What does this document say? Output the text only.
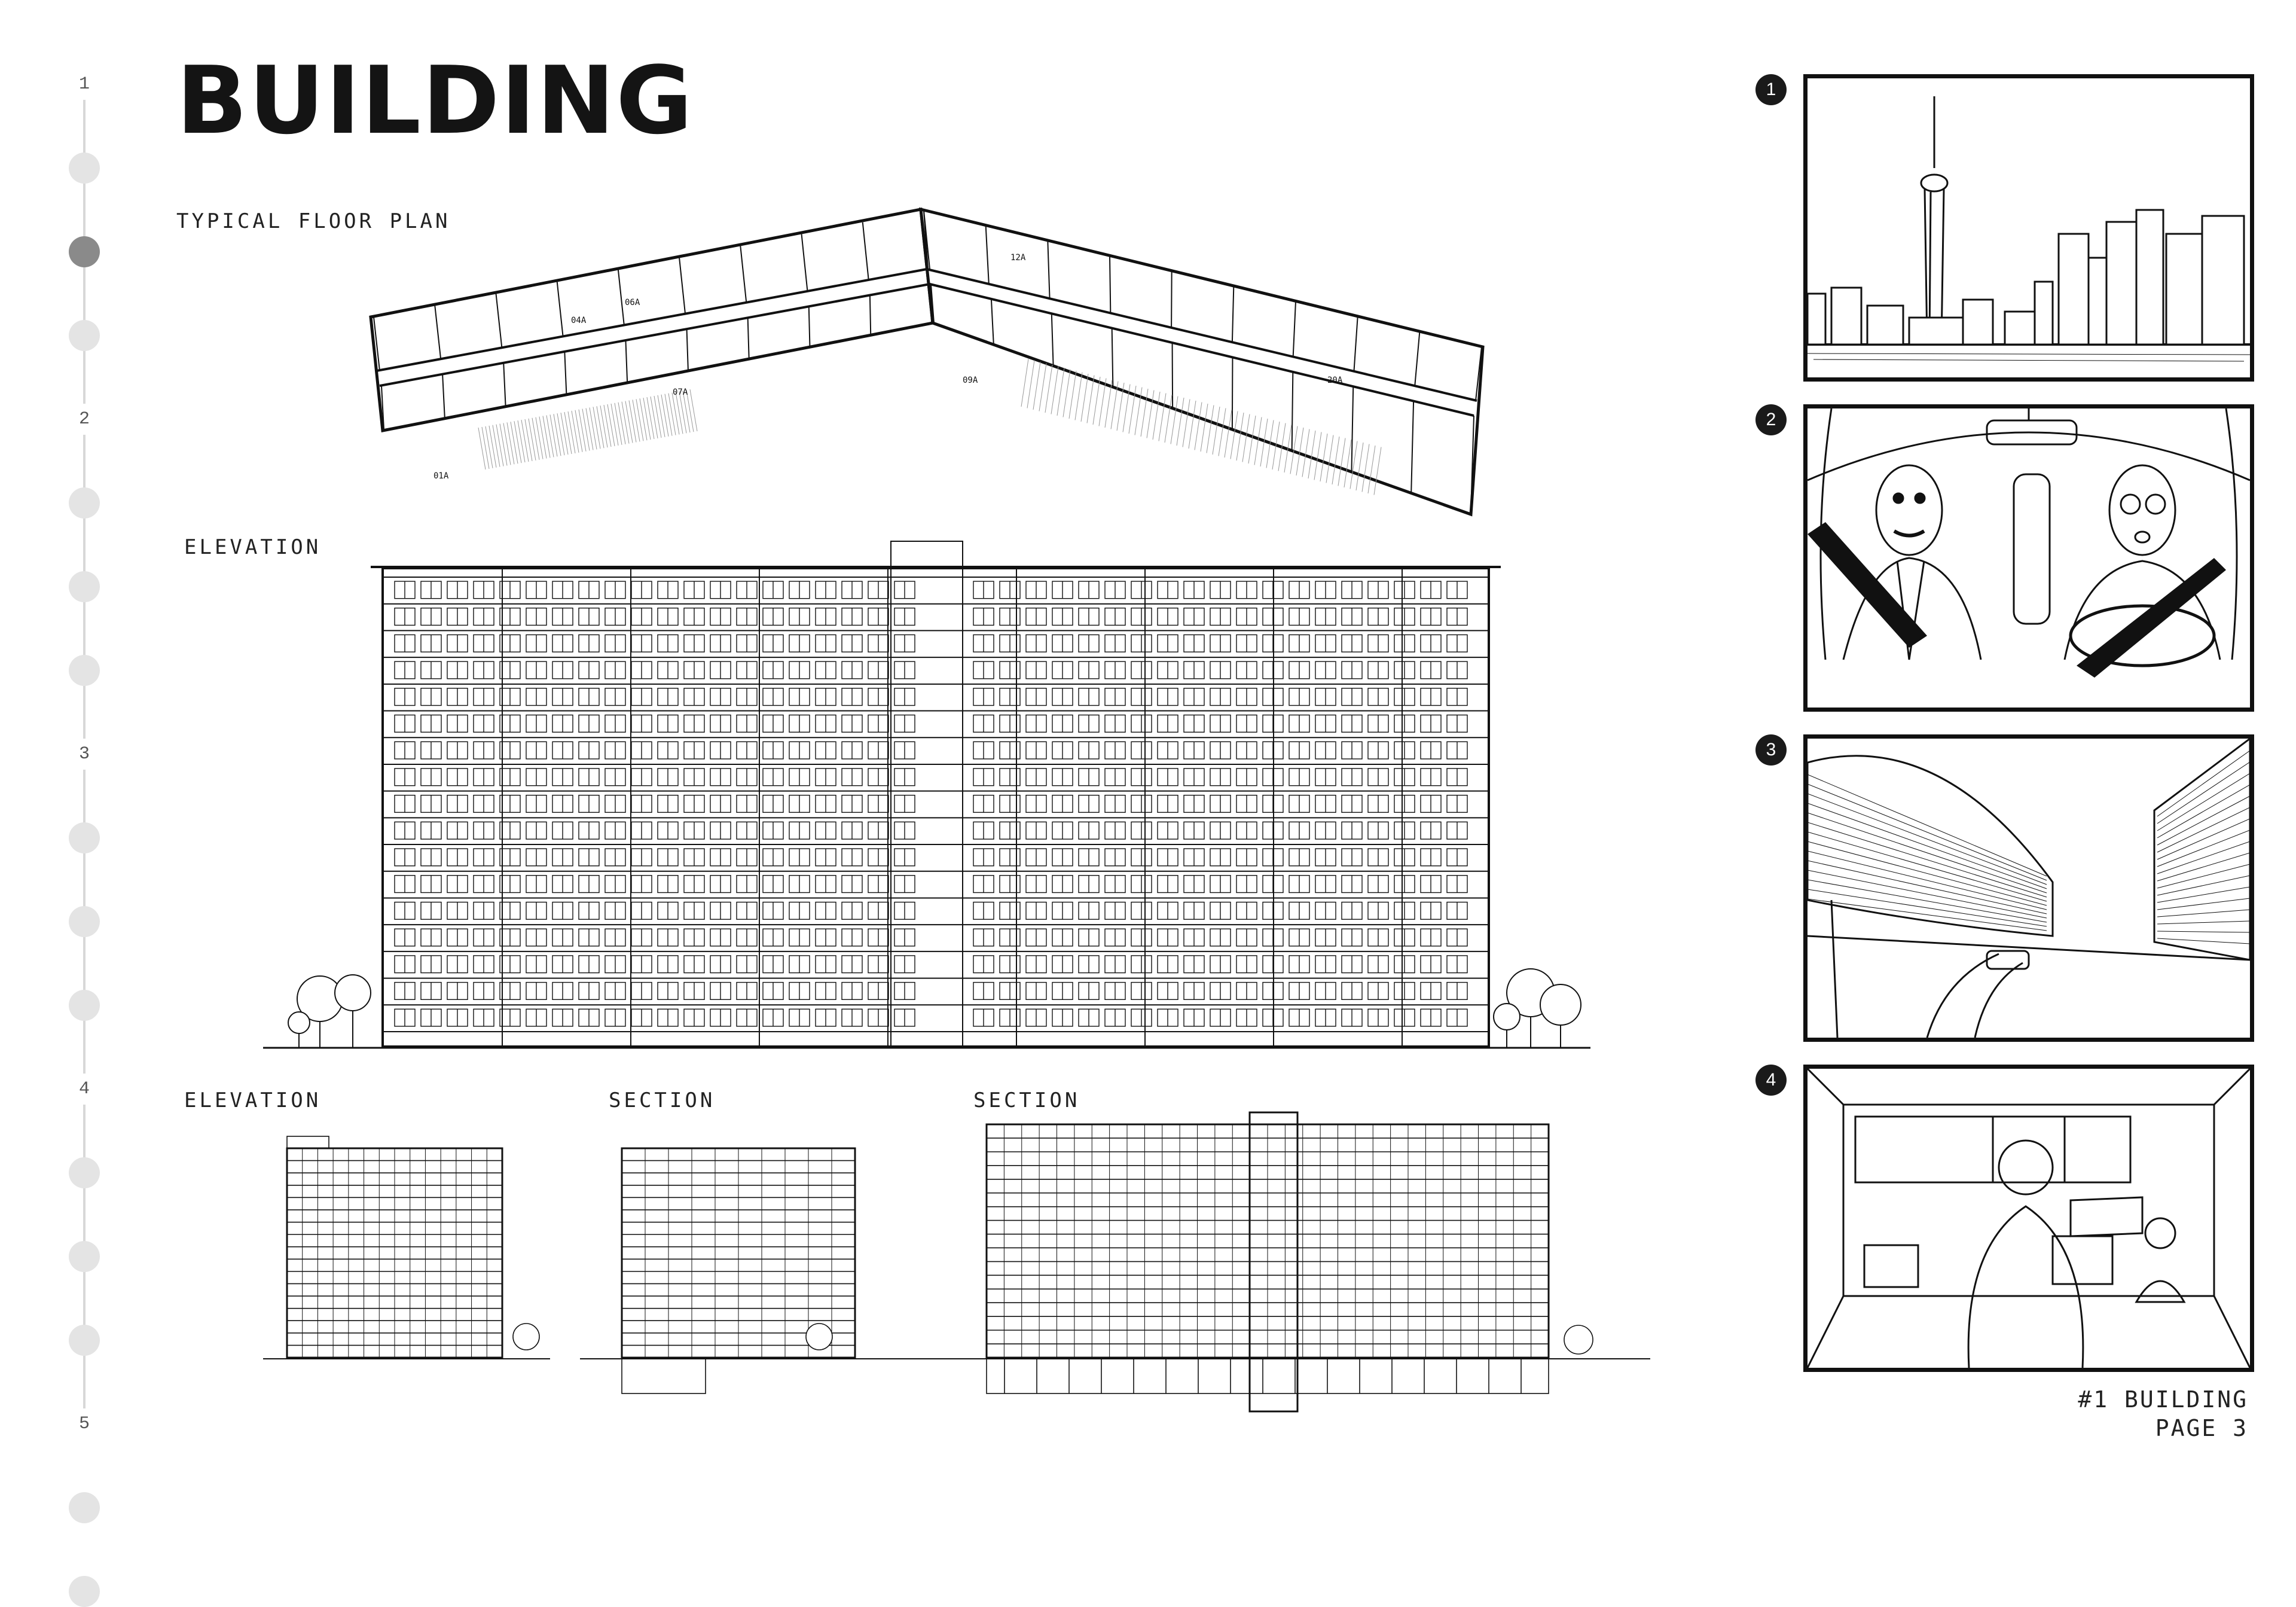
1
2
3
4
5
BUILDING
TYPICAL FLOOR PLAN
ELEVATION
ELEVATION	SECTION	SECTION
04A
06A
12A
07A
09A	20A
01A
1
2
3
4
#1 BUILDING
PAGE 3
